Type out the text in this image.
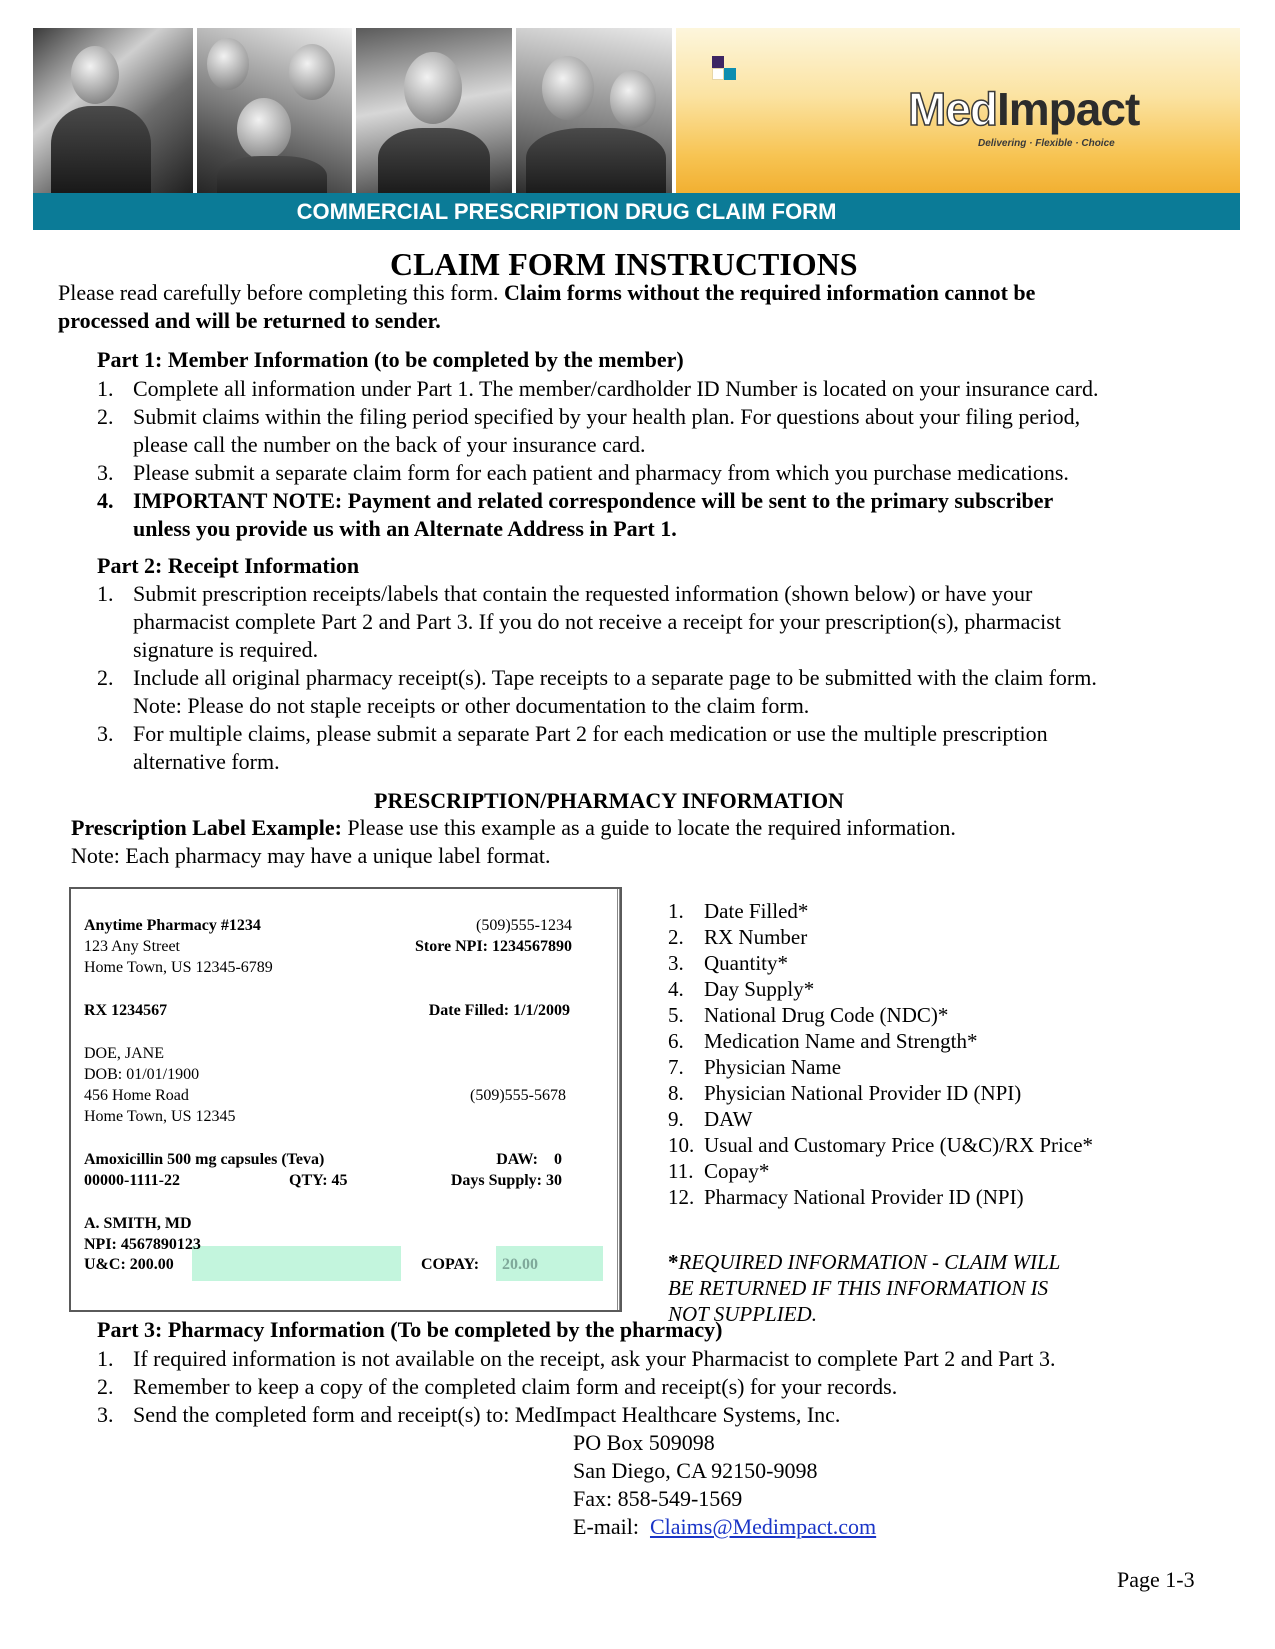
MedImpact
Delivering · Flexible · Choice
COMMERCIAL PRESCRIPTION DRUG CLAIM FORM
CLAIM FORM INSTRUCTIONS
Please read carefully before completing this form. Claim forms without the required information cannot be
processed and will be returned to sender.
Part 1: Member Information (to be completed by the member)
1. Complete all information under Part 1. The member/cardholder ID Number is located on your insurance card.
2. Submit claims within the filing period specified by your health plan. For questions about your filing period,
please call the number on the back of your insurance card.
3. Please submit a separate claim form for each patient and pharmacy from which you purchase medications.
4. IMPORTANT NOTE: Payment and related correspondence will be sent to the primary subscriber
unless you provide us with an Alternate Address in Part 1.
Part 2: Receipt Information
1. Submit prescription receipts/labels that contain the requested information (shown below) or have your
pharmacist complete Part 2 and Part 3. If you do not receive a receipt for your prescription(s), pharmacist
signature is required.
2. Include all original pharmacy receipt(s). Tape receipts to a separate page to be submitted with the claim form.
Note: Please do not staple receipts or other documentation to the claim form.
3. For multiple claims, please submit a separate Part 2 for each medication or use the multiple prescription
alternative form.
PRESCRIPTION/PHARMACY INFORMATION
Prescription Label Example: Please use this example as a guide to locate the required information.
Note: Each pharmacy may have a unique label format.
Anytime Pharmacy #1234	(509)555-1234
123 Any Street	Store NPI: 1234567890
Home Town, US 12345-6789
RX 1234567	Date Filled: 1/1/2009
DOE, JANE
DOB: 01/01/1900
456 Home Road	(509)555-5678
Home Town, US 12345
Amoxicillin 500 mg capsules (Teva)	DAW:    0
00000-1111-22	QTY: 45	Days Supply: 30
A. SMITH, MD
NPI: 4567890123
U&C: 200.00	COPAY: 20.00
1. Date Filled*
2. RX Number
3. Quantity*
4. Day Supply*
5. National Drug Code (NDC)*
6. Medication Name and Strength*
7. Physician Name
8. Physician National Provider ID (NPI)
9. DAW
10. Usual and Customary Price (U&C)/RX Price*
11. Copay*
12. Pharmacy National Provider ID (NPI)
*REQUIRED INFORMATION - CLAIM WILL
BE RETURNED IF THIS INFORMATION IS
NOT SUPPLIED.
Part 3: Pharmacy Information (To be completed by the pharmacy)
1. If required information is not available on the receipt, ask your Pharmacist to complete Part 2 and Part 3.
2. Remember to keep a copy of the completed claim form and receipt(s) for your records.
3. Send the completed form and receipt(s) to: MedImpact Healthcare Systems, Inc.
PO Box 509098
San Diego, CA 92150-9098
Fax: 858-549-1569
E-mail: Claims@Medimpact.com
Page 1-3
